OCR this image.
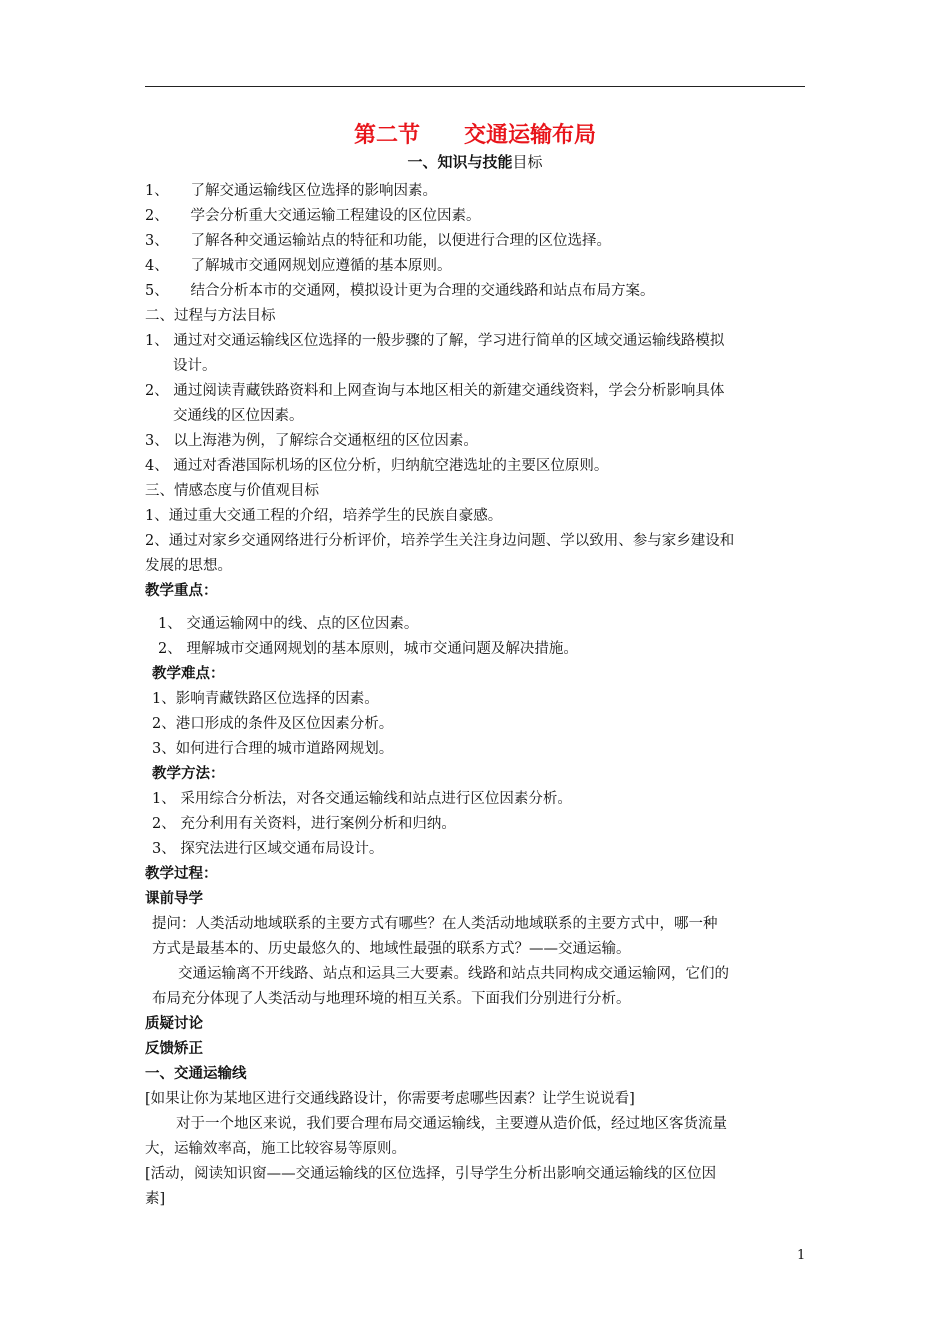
第二节 交通运输布局
一、知识与技能目标
1、　　了解交通运输线区位选择的影响因素。
2、　　学会分析重大交通运输工程建设的区位因素。
3、　　了解各种交通运输站点的特征和功能，以便进行合理的区位选择。
4、　　了解城市交通网规划应遵循的基本原则。
5、　　结合分析本市的交通网，模拟设计更为合理的交通线路和站点布局方案。
二、过程与方法目标
1、 通过对交通运输线区位选择的一般步骤的了解，学习进行简单的区域交通运输线路模拟
设计。
2、 通过阅读青藏铁路资料和上网查询与本地区相关的新建交通线资料，学会分析影响具体
交通线的区位因素。
3、 以上海港为例，了解综合交通枢纽的区位因素。
4、 通过对香港国际机场的区位分析，归纳航空港选址的主要区位原则。
三、情感态度与价值观目标
1、通过重大交通工程的介绍，培养学生的民族自豪感。
2、通过对家乡交通网络进行分析评价，培养学生关注身边问题、学以致用、参与家乡建设和
发展的思想。
教学重点：
1、 交通运输网中的线、点的区位因素。
2、 理解城市交通网规划的基本原则，城市交通问题及解决措施。
教学难点：
1、影响青藏铁路区位选择的因素。
2、港口形成的条件及区位因素分析。
3、如何进行合理的城市道路网规划。
教学方法：
1、 采用综合分析法，对各交通运输线和站点进行区位因素分析。
2、 充分利用有关资料，进行案例分析和归纳。
3、 探究法进行区域交通布局设计。
教学过程：
课前导学
提问：人类活动地域联系的主要方式有哪些？在人类活动地域联系的主要方式中，哪一种
方式是最基本的、历史最悠久的、地域性最强的联系方式？——交通运输。
交通运输离不开线路、站点和运具三大要素。线路和站点共同构成交通运输网，它们的
布局充分体现了人类活动与地理环境的相互关系。下面我们分别进行分析。
质疑讨论
反馈矫正
一、交通运输线
[如果让你为某地区进行交通线路设计，你需要考虑哪些因素？让学生说说看]
对于一个地区来说，我们要合理布局交通运输线，主要遵从造价低，经过地区客货流量
大，运输效率高，施工比较容易等原则。
[活动，阅读知识窗——交通运输线的区位选择，引导学生分析出影响交通运输线的区位因
素]
1
